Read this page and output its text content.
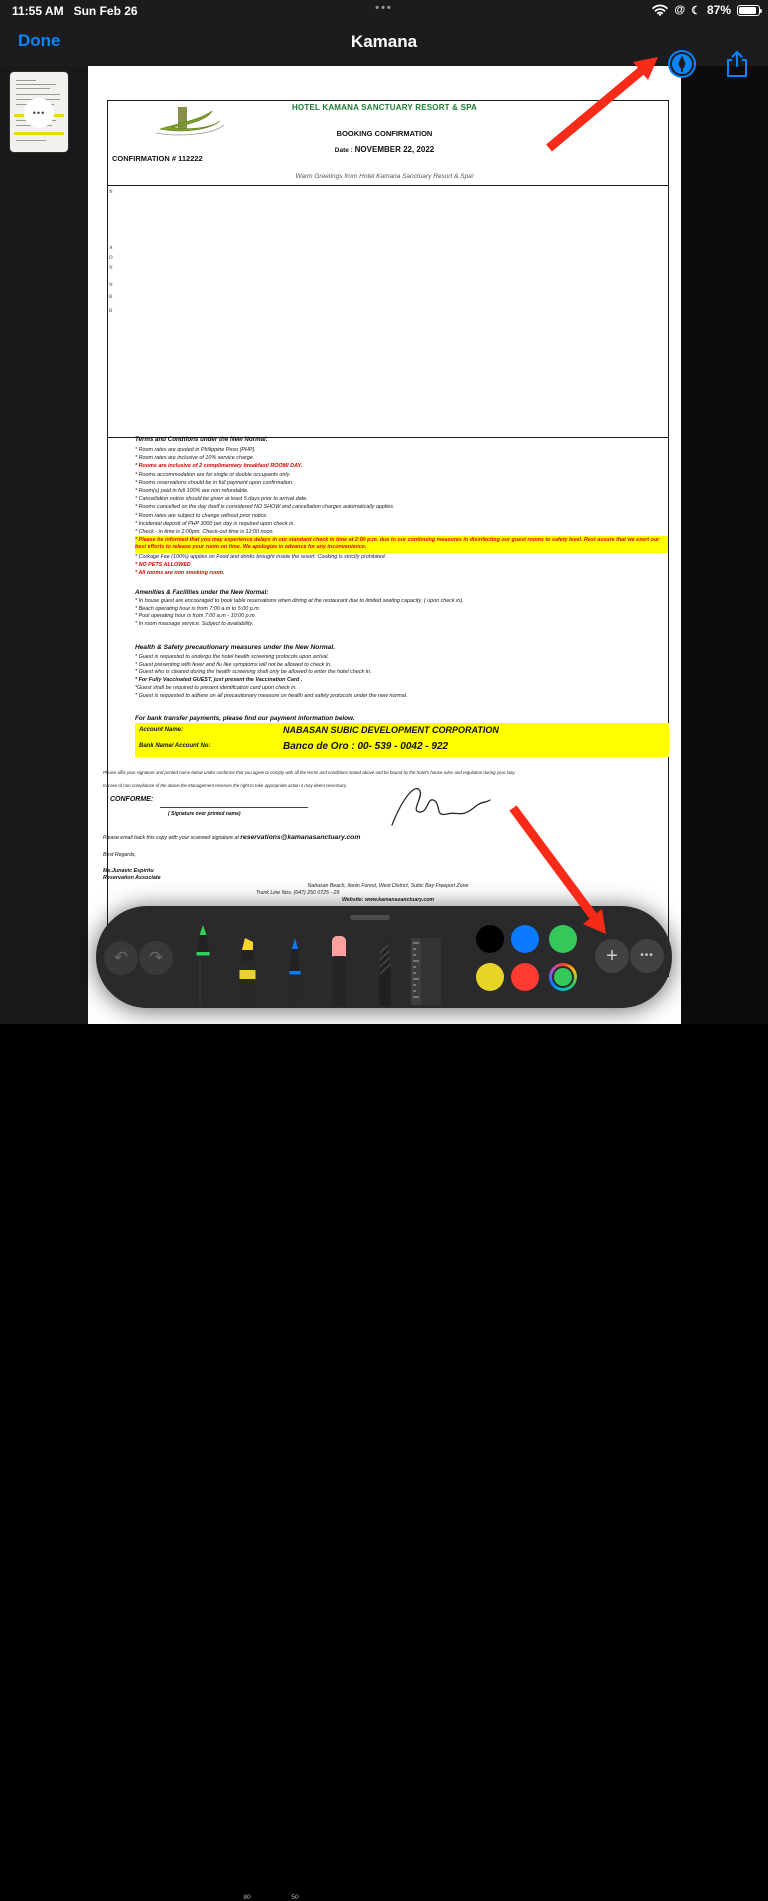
11:55 AM Sun Feb 26	•••	@ ☾ 87%
Done	Kamana
•••
HOTEL KAMANA SANCTUARY RESORT & SPA
BOOKING CONFIRMATION
Date : NOVEMBER 22, 2022
CONFIRMATION # 112222
Warm Greetings from Hotel Kamana Sanctuary Resort & Spa!
N
A
D
N
N
R
R
Terms and Condtions under the New Normal:
* Room rates are quoted in Philippine Peso (PHP).
* Room rates are inclusive of 10% service charge.
* Rooms are inclusive of 2 complimentary breakfast/ ROOM/ DAY.
* Rooms accommodation are for single or double occupants only.
* Rooms reservations should be in full payment upon confirmation.
* Room(s) paid in full 100% are non refundable.
* Cancellation notice should be given at least 5 days prior to arrival date.
* Rooms cancelled on the day itself is considered NO SHOW and cancellation charges automatically applies.
* Room rates are subject to change without prior notice.
* Incidental deposit of PHP 3000 per day is required upon check in.
* Check - in time is 2:00pm. Check-out time is 12:00 noon.
* Please be informed that you may experience delays in our standard check in time at 2:00 p.m. due to our continuing measures in disinfecting our guest rooms to safety level. Rest assure that we exert our best efforts to release your room on time. We apologize in advance for any inconvenience.
* Corkage Fee (100%) applies on Food and drinks brought inside the resort. Cooking is strictly prohibited.
* NO PETS ALLOWED
* All rooms are non smoking room.
Amenities & Facilities under the New Normal:
* In house guest are encouraged to book table reservations when dining at the restaurant due to limited seating capacity. ( upon check in).
* Beach operating hour is from 7:00 a.m to 5:00 p.m.
* Pool operating hour is from 7:00 a.m - 10:00 p.m.
* In room massage service. Subject to availability.
Health & Safety precautionary measures under the New Normal.
* Guest is requested to undergo the hotel health screening protocols upon arrival.
* Guest presenting with fever and flu like symptoms will not be allowed to check in.
* Guest who is cleared during the health screening shall only be allowed to enter the hotel check in.
* For Fully Vaccinated GUEST, just present the Vaccination Card .
*Guest shall be required to present identifcation card upon check in.
* Guest is requested to adhere on all precautionary measure on health and safely protocols under the new normal.
For bank transfer payments, please find our payment information below.
Account Name:	NABASAN SUBIC DEVELOPMENT CORPORATION
Bank Name/ Account No:	Banco de Oro : 00- 539 - 0042 - 922
Please affix your signature and printed name below under conforme that you agree to comply with all the terms and conditions stated above and be bound by the hotel's house rules and regulation during your stay.
In case of non-compliance of the above,the Management reserves the right to take appropriate action it may deem necessary.
CONFORME:
( Signature over printed name)
Please email back this copy with your scanned signature at reservations@kamanasanctuary.com
Best Regards,
Ms.Junavic Espiritu
Reservation Associate
Nabasan Beach, Ilanin Forest, West District, Subic Bay Freeport Zone
Trunk Line Nos. (047) 250 0725 - 29
Website: www.kamanasanctuary.com
↶	↷
80	50
+	•••
